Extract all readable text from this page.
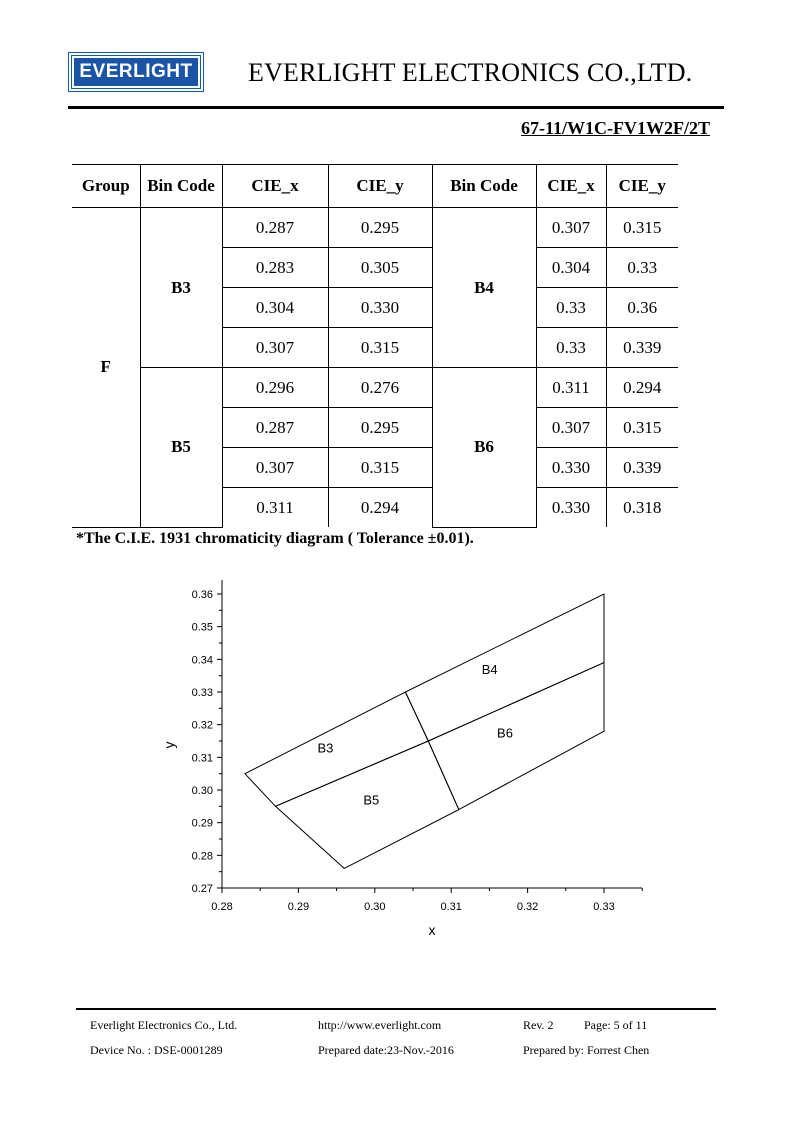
EVERLIGHT EVERLIGHT ELECTRONICS CO.,LTD.
67-11/W1C-FV1W2F/2T
Group	Bin Code	CIE_x	CIE_y	Bin Code	CIE_x	CIE_y
F	B3	0.287	0.295	B4	0.307	0.315
		0.283	0.305		0.304	0.33
		0.304	0.330		0.33	0.36
		0.307	0.315		0.33	0.339
	B5	0.296	0.276	B6	0.311	0.294
		0.287	0.295		0.307	0.315
		0.307	0.315		0.330	0.339
		0.311	0.294		0.330	0.318
*The C.I.E. 1931 chromaticity diagram ( Tolerance ±0.01).
0.27
0.28
0.29
0.30
0.31
0.32
0.33
0.34
0.35
0.36
0.28	0.29	0.30	0.31	0.32	0.33
x
y	B3
B4
B5
B6
Everlight Electronics Co., Ltd.	http://www.everlight.com	Rev. 2	Page: 5 of 11
Device No. : DSE-0001289	Prepared date:23-Nov.-2016	Prepared by: Forrest Chen
